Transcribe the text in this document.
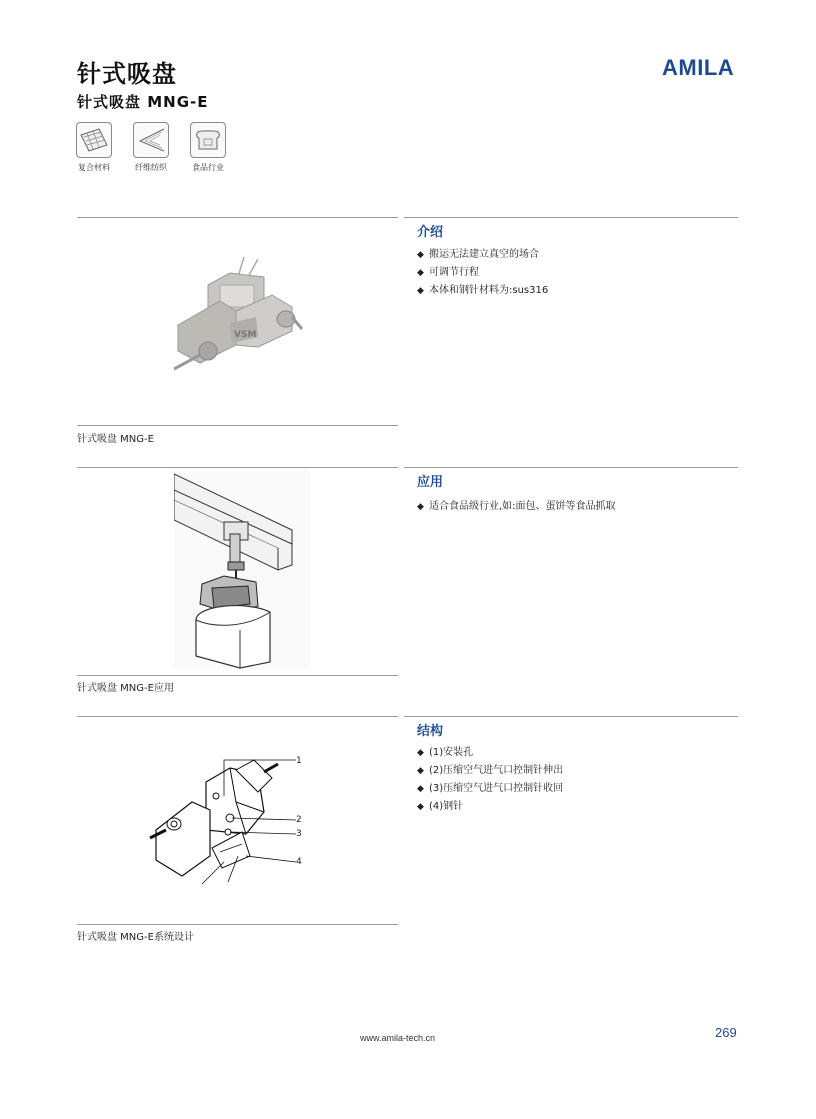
针式吸盘
针式吸盘 MNG-E
AMILA
复合材料	纤维纺织	食品行业
介绍
◆ 搬运无法建立真空的场合
◆ 可调节行程
◆ 本体和钢针材料为:sus316
VSM
针式吸盘 MNG-E
应用
◆ 适合食品级行业,如:面包、蛋饼等食品抓取
针式吸盘 MNG-E应用
结构
◆ (1)安装孔
◆ (2)压缩空气进气口控制针伸出
◆ (3)压缩空气进气口控制针收回
◆ (4)钢针
1
2
3
4
针式吸盘 MNG-E系统设计
www.amila-tech.cn	269
